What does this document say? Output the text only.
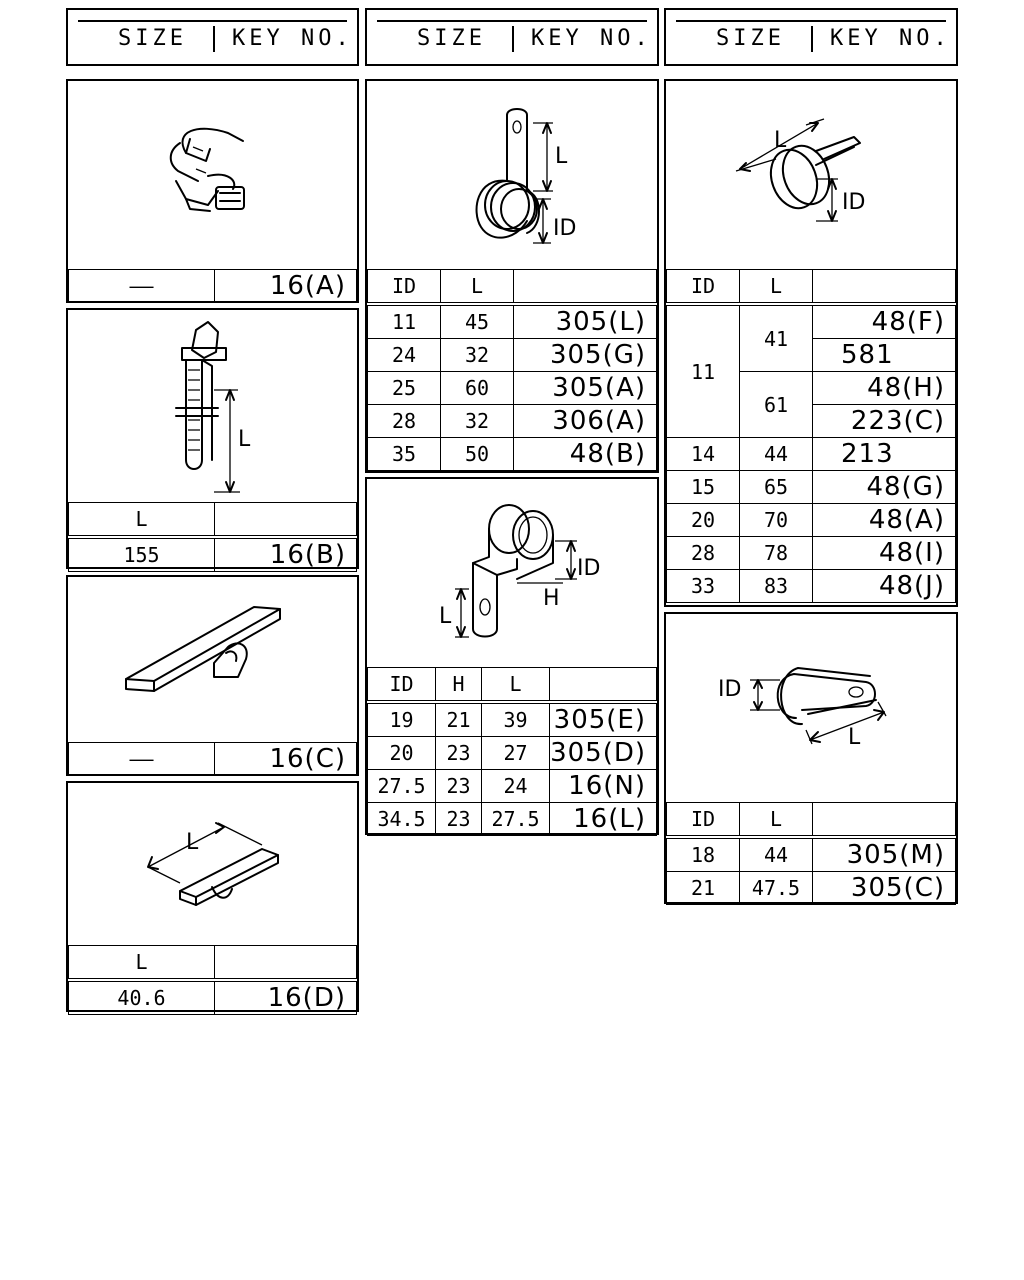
SIZE KEY NO.	SIZE KEY NO.	SIZE KEY NO.
——	16(A)
L
L	
155	16(B)
——	16(C)
L
L	
40.6	16(D)
L
ID
ID	L	
11	45	305(L)
24	32	305(G)
25	60	305(A)
28	32	306(A)
35	50	48(B)
ID
H
L
ID	H	L	
19	21	39	305(E)
20	23	27	305(D)
27.5	23	24	16(N)
34.5	23	27.5	16(L)
L
ID
ID	L	
11	41	48(F)
		581
	61	48(H)
		223(C)
14	44	213
15	65	48(G)
20	70	48(A)
28	78	48(I)
33	83	48(J)
ID
L
ID	L	
18	44	305(M)
21	47.5	305(C)
